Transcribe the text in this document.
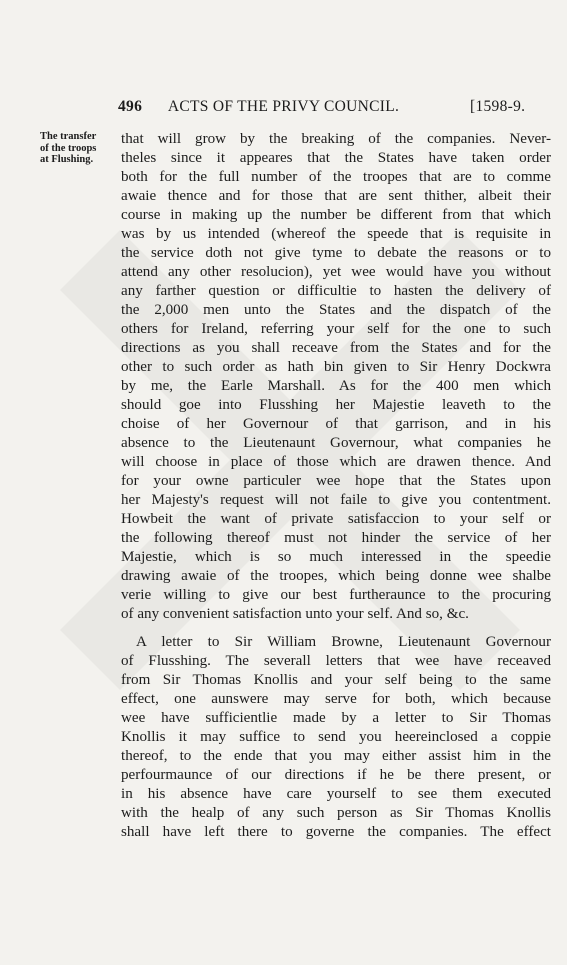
496	ACTS OF THE PRIVY COUNCIL.	[1598-9.
The transfer
of the troops
at Flushing.
that will grow by the breaking of the companies. Never-
theles since it appeares that the States have taken order
both for the full number of the troopes that are to comme
awaie thence and for those that are sent thither, albeit their
course in making up the number be different from that which
was by us intended (whereof the speede that is requisite in
the service doth not give tyme to debate the reasons or to
attend any other resolucion), yet wee would have you without
any farther question or difficultie to hasten the delivery of
the 2,000 men unto the States and the dispatch of the
others for Ireland, referring your self for the one to such
directions as you shall receave from the States and for the
other to such order as hath bin given to Sir Henry Dockwra
by me, the Earle Marshall. As for the 400 men which
should goe into Flusshing her Majestie leaveth to the
choise of her Governour of that garrison, and in his
absence to the Lieutenaunt Governour, what companies he
will choose in place of those which are drawen thence. And
for your owne particuler wee hope that the States upon
her Majesty's request will not faile to give you contentment.
Howbeit the want of private satisfaccion to your self or
the following thereof must not hinder the service of her
Majestie, which is so much interessed in the speedie
drawing awaie of the troopes, which being donne wee shalbe
verie willing to give our best furtheraunce to the procuring
of any convenient satisfaction unto your self. And so, &c.
A letter to Sir William Browne, Lieutenaunt Governour
of Flusshing. The severall letters that wee have receaved
from Sir Thomas Knollis and your self being to the same
effect, one aunswere may serve for both, which because
wee have sufficientlie made by a letter to Sir Thomas
Knollis it may suffice to send you heereinclosed a coppie
thereof, to the ende that you may either assist him in the
perfourmaunce of our directions if he be there present, or
in his absence have care yourself to see them executed
with the healp of any such person as Sir Thomas Knollis
shall have left there to governe the companies. The effect
